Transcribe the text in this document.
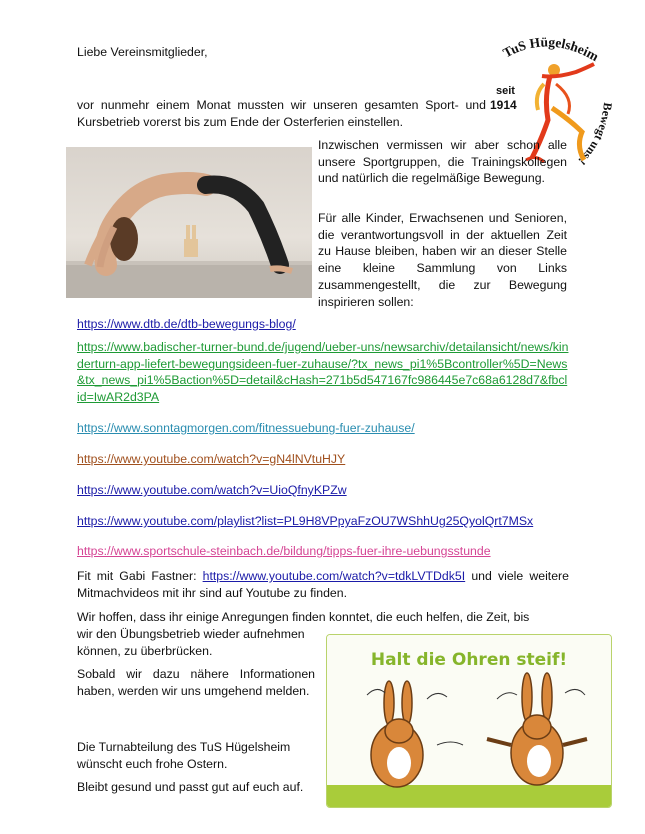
Liebe Vereinsmitglieder,	TuS Hügelsheim
Bewegt uns !
seit
1914

vor nunmehr einem Monat mussten wir unseren gesamten Sport- und Kursbetrieb vorerst bis zum Ende der Osterferien einstellen.

Inzwischen vermissen wir aber schon alle unsere Sportgruppen, die Trainingskollegen und natürlich die regelmäßige Bewegung.

Für alle Kinder, Erwachsenen und Senioren, die verantwortungsvoll in der aktuellen Zeit zu Hause bleiben, haben wir an dieser Stelle eine kleine Sammlung von Links zusammengestellt, die zur Bewegung inspirieren sollen:

https://www.dtb.de/dtb-bewegungs-blog/
https://www.badischer-turner-bund.de/jugend/ueber-uns/newsarchiv/detailansicht/news/kinderturn-app-liefert-bewegungsideen-fuer-zuhause/?tx_news_pi1%5Bcontroller%5D=News&tx_news_pi1%5Baction%5D=detail&cHash=271b5d547167fc986445e7c68a6128d7&fbclid=IwAR2d3PA
https://www.sonntagmorgen.com/fitnessuebung-fuer-zuhause/
https://www.youtube.com/watch?v=gN4lNVtuHJY
https://www.youtube.com/watch?v=UioQfnyKPZw
https://www.youtube.com/playlist?list=PL9H8VPpyaFzOU7WShhUg25QyolQrt7MSx
https://www.sportschule-steinbach.de/bildung/tipps-fuer-ihre-uebungsstunde

Fit mit Gabi Fastner: https://www.youtube.com/watch?v=tdkLVTDdk5I und viele weitere Mitmachvideos mit ihr sind auf Youtube zu finden.

Wir hoffen, dass ihr einige Anregungen finden konntet, die euch helfen, die Zeit, bis

wir den Übungsbetrieb wieder aufnehmen können, zu überbrücken.

Sobald wir dazu nähere Informationen haben, werden wir uns umgehend melden.

Die Turnabteilung des TuS Hügelsheim wünscht euch frohe Ostern.

Bleibt gesund und passt gut auf euch auf.

Halt die Ohren steif!
